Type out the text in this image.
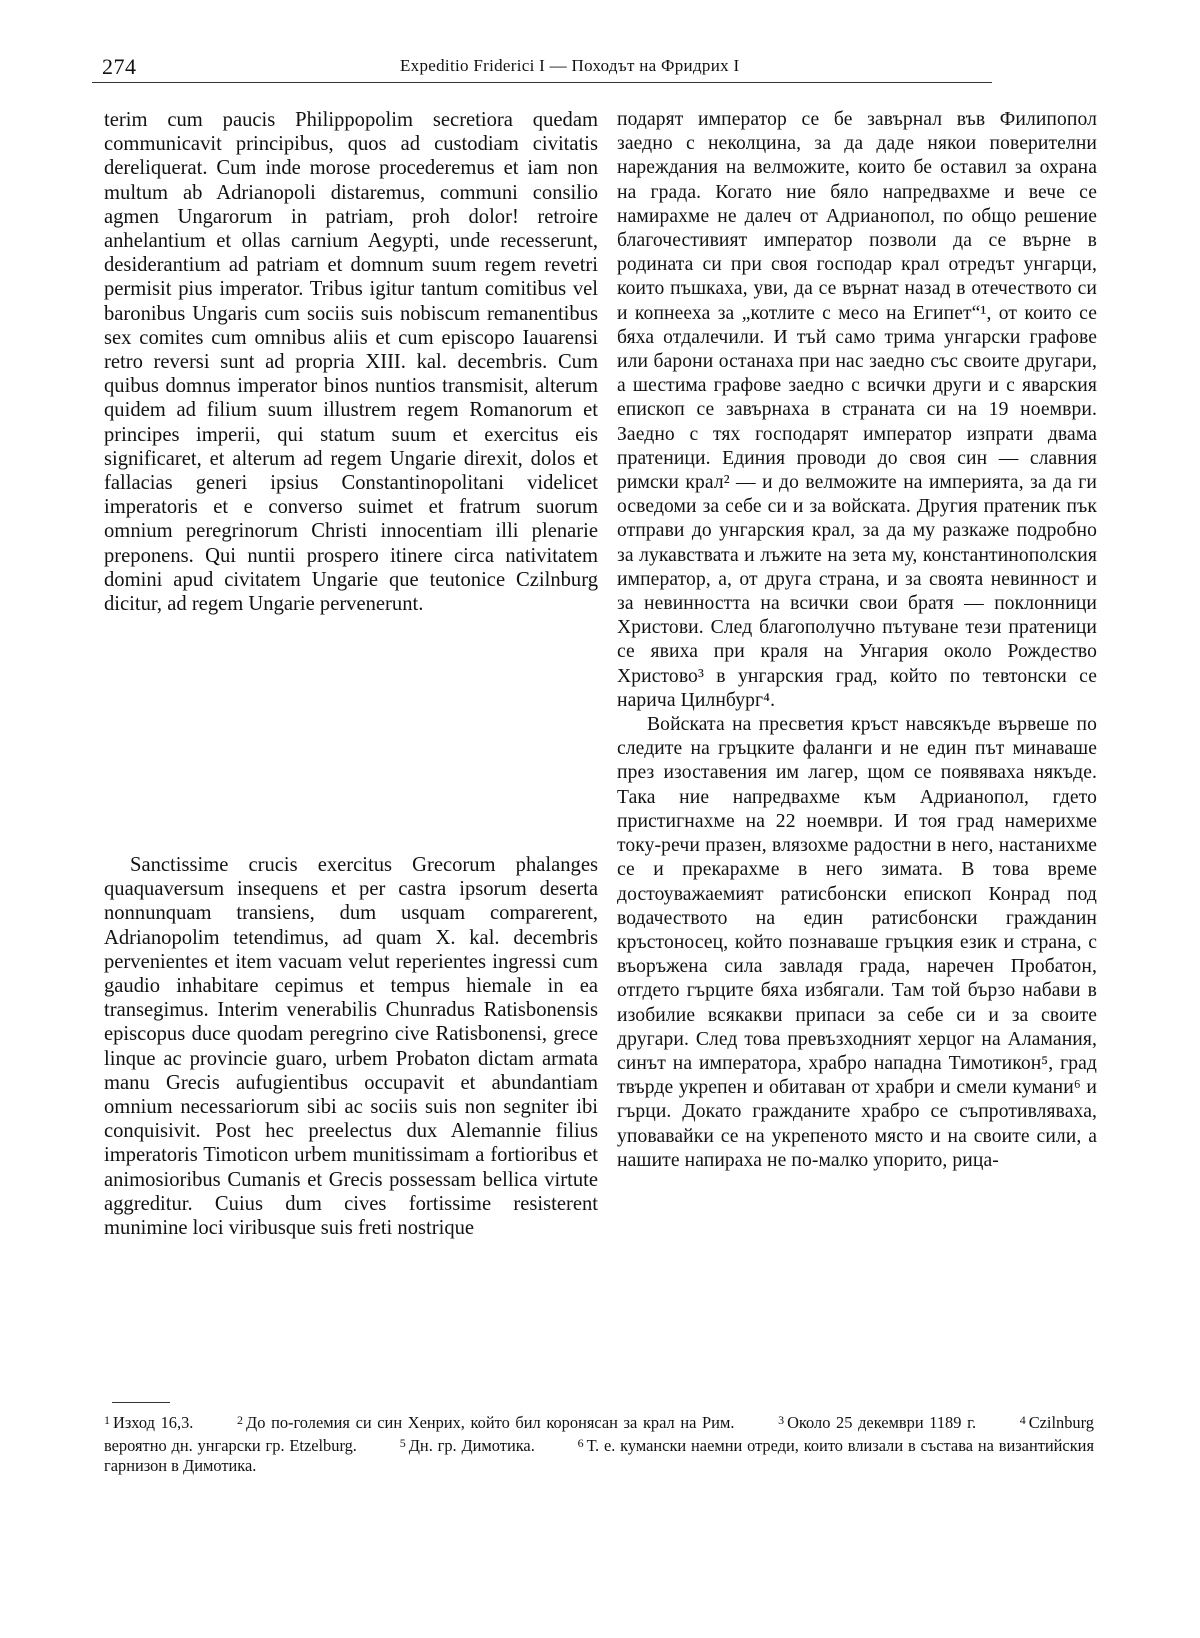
274	Expeditio Friderici I — Походът на Фридрих I

terim cum paucis Philippopolim secretiora quedam communicavit principibus, quos ad custodiam civitatis dereliquerat. Cum inde morose procederemus et iam non multum ab Adrianopoli distaremus, communi consilio agmen Ungarorum in patriam, proh dolor! retroire anhelantium et ollas carnium Aegypti, unde recesserunt, desiderantium ad patriam et domnum suum regem revetri permisit pius imperator. Tribus igitur tantum comitibus vel baronibus Ungaris cum sociis suis nobiscum remanentibus sex comites cum omnibus aliis et cum episcopo Iauarensi retro reversi sunt ad propria XIII. kal. decembris. Cum quibus domnus imperator binos nuntios transmisit, alterum quidem ad filium suum illustrem regem Romanorum et principes imperii, qui statum suum et exercitus eis significaret, et alterum ad regem Ungarie direxit, dolos et fallacias generi ipsius Constantinopolitani videlicet imperatoris et e converso suimet et fratrum suorum omnium peregrinorum Christi innocentiam illi plenarie preponens. Qui nuntii prospero itinere circa nativitatem domini apud civitatem Ungarie que teutonice Czilnburg dicitur, ad regem Ungarie pervenerunt.

Sanctissime crucis exercitus Grecorum phalanges quaquaversum insequens et per castra ipsorum deserta nonnunquam transiens, dum usquam comparerent, Adrianopolim tetendimus, ad quam X. kal. decembris pervenientes et item vacuam velut reperientes ingressi cum gaudio inhabitare cepimus et tempus hiemale in ea transegimus. Interim venerabilis Chunradus Ratisbonensis episcopus duce quodam peregrino cive Ratisbonensi, grece linque ac provincie guaro, urbem Probaton dictam armata manu Grecis aufugientibus occupavit et abundantiam omnium necessariorum sibi ac sociis suis non segniter ibi conquisivit. Post hec preelectus dux Alemannie filius imperatoris Timoticon urbem munitissimam a fortioribus et animosioribus Cumanis et Grecis possessam bellica virtute aggreditur. Cuius dum cives fortissime resisterent munimine loci viribusque suis freti nostrique

подарят император се бе завърнал във Филипопол заедно с неколцина, за да даде някои поверителни нареждания на велможите, които бе оставил за охрана на града. Когато ние бяло напредвахме и вече се намирахме не далеч от Адрианопол, по общо решение благочестивият император позволи да се върне в родината си при своя господар крал отредът унгарци, които пъшкаха, уви, да се върнат назад в отечеството си и копнееха за „котлите с месо на Египет“¹, от които се бяха отдалечили. И тъй само трима унгарски графове или барони останаха при нас заедно със своите другари, а шестима графове заедно с всички други и с яварския епископ се завърнаха в страната си на 19 ноември. Заедно с тях господарят император изпрати двама пратеници. Единия проводи до своя син — славния римски крал² — и до велможите на империята, за да ги осведоми за себе си и за войската. Другия пратеник пък отправи до унгарския крал, за да му разкаже подробно за лукавствата и лъжите на зета му, константинополския император, а, от друга страна, и за своята невинност и за невинността на всички свои братя — поклонници Христови. След благополучно пътуване тези пратеници се явиха при краля на Унгария около Рождество Христово³ в унгарския град, който по тевтонски се нарича Цилнбург⁴.

Войската на пресветия кръст навсякъде вървеше по следите на гръцките фаланги и не един път минаваше през изоставения им лагер, щом се появяваха някъде. Така ние напредвахме към Адрианопол, гдето пристигнахме на 22 ноември. И тоя град намерихме току-речи празен, влязохме радостни в него, настанихме се и прекарахме в него зимата. В това време достоуважаемият ратисбонски епископ Конрад под водачеството на един ратисбонски гражданин кръстоносец, който познаваше гръцкия език и страна, с въоръжена сила завладя града, наречен Пробатон, отгдето гърците бяха избягали. Там той бързо набави в изобилие всякакви припаси за себе си и за своите другари. След това превъзходният херцог на Аламания, синът на императора, храбро нападна Тимотикон⁵, град твърде укрепен и обитаван от храбри и смели кумани⁶ и гърци. Докато гражданите храбро се съпротивляваха, уповавайки се на укрепеното място и на своите сили, а нашите напираха не по-малко упорито, рица-

$^1$ Изход 16,3.	$^2$ До по-големия си син Хенрих, който бил коронясан за крал на Рим.	$^3$ Около 25 декември 1189 г.	$^4$ Czilnburg вероятно дн. унгарски гр. Etzelburg.	$^5$ Дн. гр. Димотика.	$^6$ Т. е. кумански наемни отреди, които влизали в състава на византийския гарнизон в Димотика.
